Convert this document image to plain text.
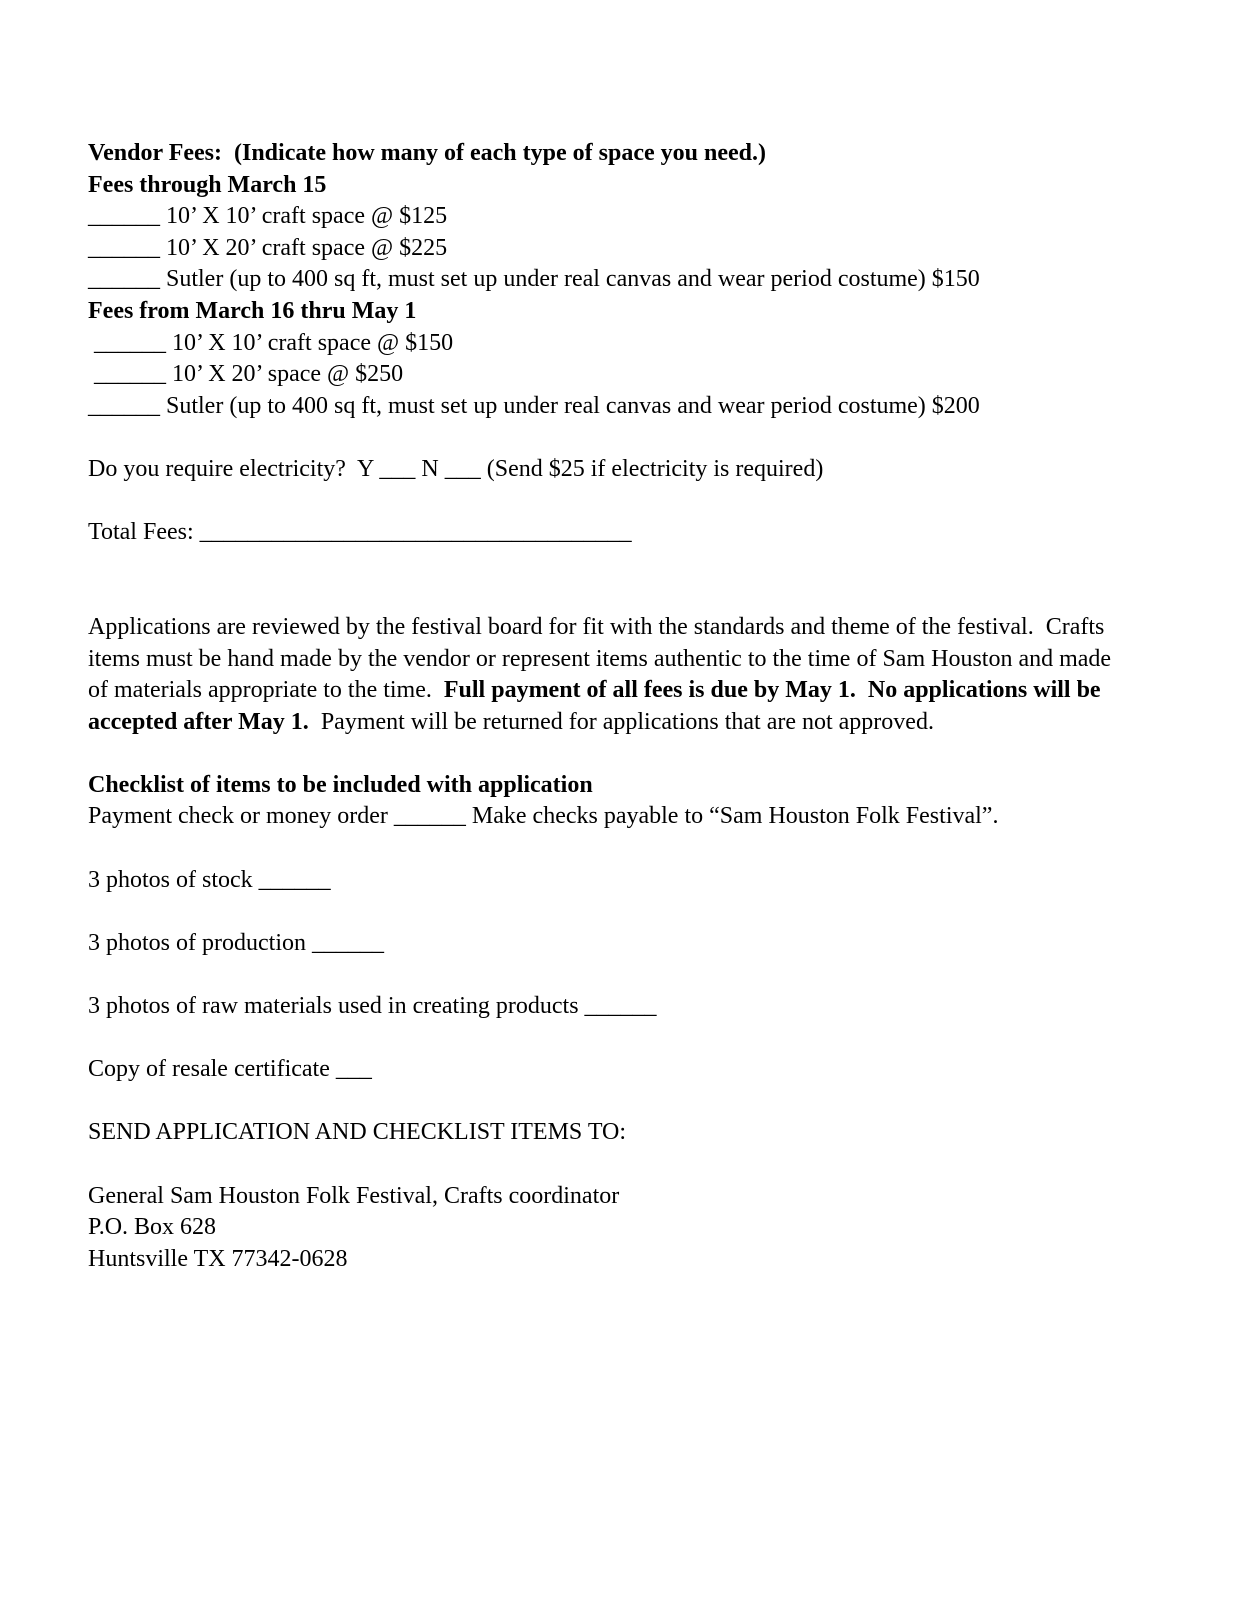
Vendor Fees:  (Indicate how many of each type of space you need.)
Fees through March 15
______ 10’ X 10’ craft space @ $125
______ 10’ X 20’ craft space @ $225
______ Sutler (up to 400 sq ft, must set up under real canvas and wear period costume) $150
Fees from March 16 thru May 1
______ 10’ X 10’ craft space @ $150
______ 10’ X 20’ space @ $250
______ Sutler (up to 400 sq ft, must set up under real canvas and wear period costume) $200
Do you require electricity?  Y ___ N ___ (Send $25 if electricity is required)
Total Fees: ____________________________________
Applications are reviewed by the festival board for fit with the standards and theme of the festival.  Crafts items must be hand made by the vendor or represent items authentic to the time of Sam Houston and made of materials appropriate to the time.  Full payment of all fees is due by May 1.  No applications will be accepted after May 1.  Payment will be returned for applications that are not approved.
Checklist of items to be included with application
Payment check or money order ______ Make checks payable to “Sam Houston Folk Festival”.
3 photos of stock ______
3 photos of production ______
3 photos of raw materials used in creating products ______
Copy of resale certificate ___
SEND APPLICATION AND CHECKLIST ITEMS TO:
General Sam Houston Folk Festival, Crafts coordinator
P.O. Box 628
Huntsville TX 77342-0628
